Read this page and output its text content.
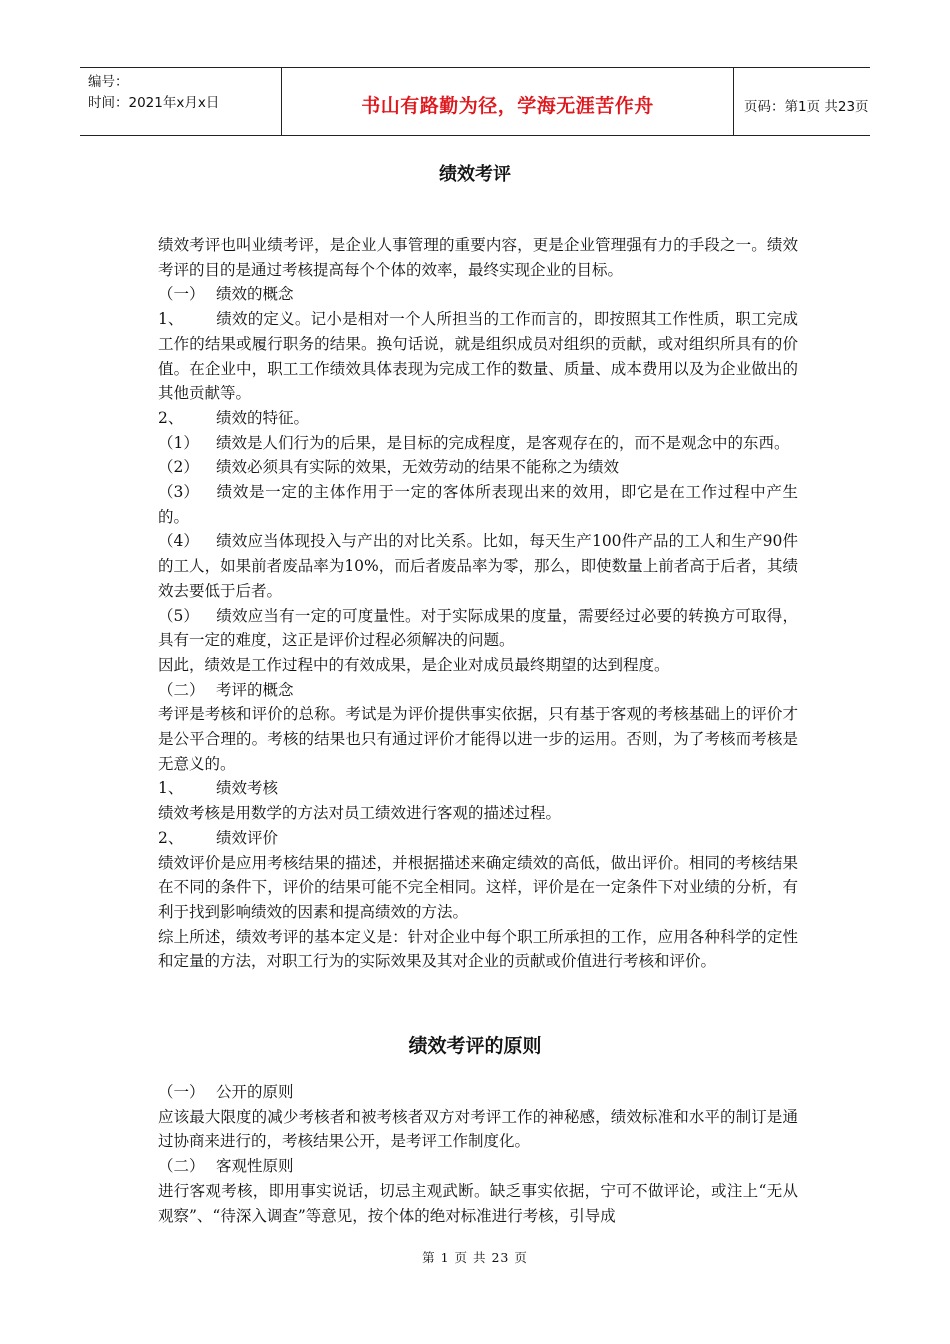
编号：
时间：2021年x月x日	书山有路勤为径，学海无涯苦作舟	页码：第1页 共23页
绩效考评

绩效考评也叫业绩考评，是企业人事管理的重要内容，更是企业管理强有力的手段之一。绩效考评的目的是通过考核提高每个个体的效率，最终实现企业的目标。

（一） 绩效的概念

1、 绩效的定义。记小是相对一个人所担当的工作而言的，即按照其工作性质，职工完成工作的结果或履行职务的结果。换句话说，就是组织成员对组织的贡献，或对组织所具有的价值。在企业中，职工工作绩效具体表现为完成工作的数量、质量、成本费用以及为企业做出的其他贡献等。

2、 绩效的特征。

（1） 绩效是人们行为的后果，是目标的完成程度，是客观存在的，而不是观念中的东西。

（2） 绩效必须具有实际的效果，无效劳动的结果不能称之为绩效

（3） 绩效是一定的主体作用于一定的客体所表现出来的效用，即它是在工作过程中产生的。

（4） 绩效应当体现投入与产出的对比关系。比如，每天生产100件产品的工人和生产90件的工人，如果前者废品率为10%，而后者废品率为零，那么，即使数量上前者高于后者，其绩效去要低于后者。

（5） 绩效应当有一定的可度量性。对于实际成果的度量，需要经过必要的转换方可取得，具有一定的难度，这正是评价过程必须解决的问题。

因此，绩效是工作过程中的有效成果，是企业对成员最终期望的达到程度。

（二） 考评的概念

考评是考核和评价的总称。考试是为评价提供事实依据，只有基于客观的考核基础上的评价才是公平合理的。考核的结果也只有通过评价才能得以进一步的运用。否则，为了考核而考核是无意义的。

1、 绩效考核

绩效考核是用数学的方法对员工绩效进行客观的描述过程。

2、 绩效评价

绩效评价是应用考核结果的描述，并根据描述来确定绩效的高低，做出评价。相同的考核结果在不同的条件下，评价的结果可能不完全相同。这样，评价是在一定条件下对业绩的分析，有利于找到影响绩效的因素和提高绩效的方法。

综上所述，绩效考评的基本定义是：针对企业中每个职工所承担的工作，应用各种科学的定性和定量的方法，对职工行为的实际效果及其对企业的贡献或价值进行考核和评价。

绩效考评的原则

（一） 公开的原则

应该最大限度的减少考核者和被考核者双方对考评工作的神秘感，绩效标准和水平的制订是通过协商来进行的，考核结果公开，是考评工作制度化。

（二） 客观性原则

进行客观考核，即用事实说话，切忌主观武断。缺乏事实依据，宁可不做评论，或注上“无从观察”、“待深入调查”等意见，按个体的绝对标准进行考核，引导成

第 1 页 共 23 页
